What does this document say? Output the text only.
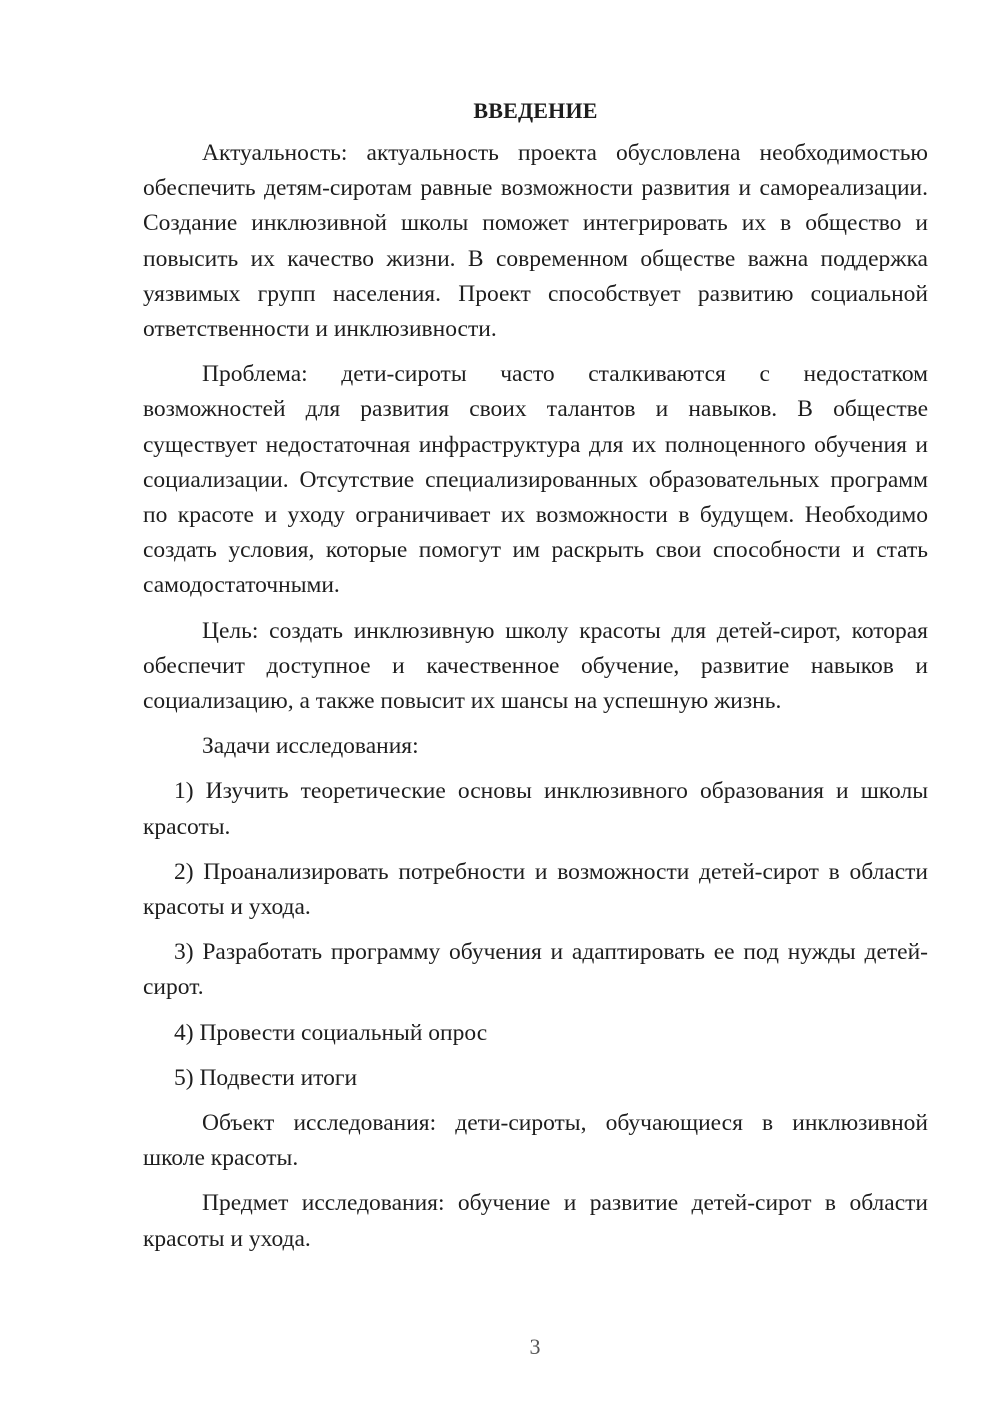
ВВЕДЕНИЕ

Актуальность: актуальность проекта обусловлена необходимостью обеспечить детям-сиротам равные возможности развития и самореализации. Создание инклюзивной школы поможет интегрировать их в общество и повысить их качество жизни. В современном обществе важна поддержка уязвимых групп населения. Проект способствует развитию социальной ответственности и инклюзивности.

Проблема: дети-сироты часто сталкиваются с недостатком возможностей для развития своих талантов и навыков. В обществе существует недостаточная инфраструктура для их полноценного обучения и социализации. Отсутствие специализированных образовательных программ по красоте и уходу ограничивает их возможности в будущем. Необходимо создать условия, которые помогут им раскрыть свои способности и стать самодостаточными.

Цель: создать инклюзивную школу красоты для детей-сирот, которая обеспечит доступное и качественное обучение, развитие навыков и социализацию, а также повысит их шансы на успешную жизнь.

Задачи исследования:

1) Изучить теоретические основы инклюзивного образования и школы красоты.

2) Проанализировать потребности и возможности детей-сирот в области красоты и ухода.

3) Разработать программу обучения и адаптировать ее под нужды детей-сирот.

4) Провести социальный опрос

5) Подвести итоги

Объект исследования: дети-сироты, обучающиеся в инклюзивной школе красоты.

Предмет исследования: обучение и развитие детей-сирот в области красоты и ухода.

3
